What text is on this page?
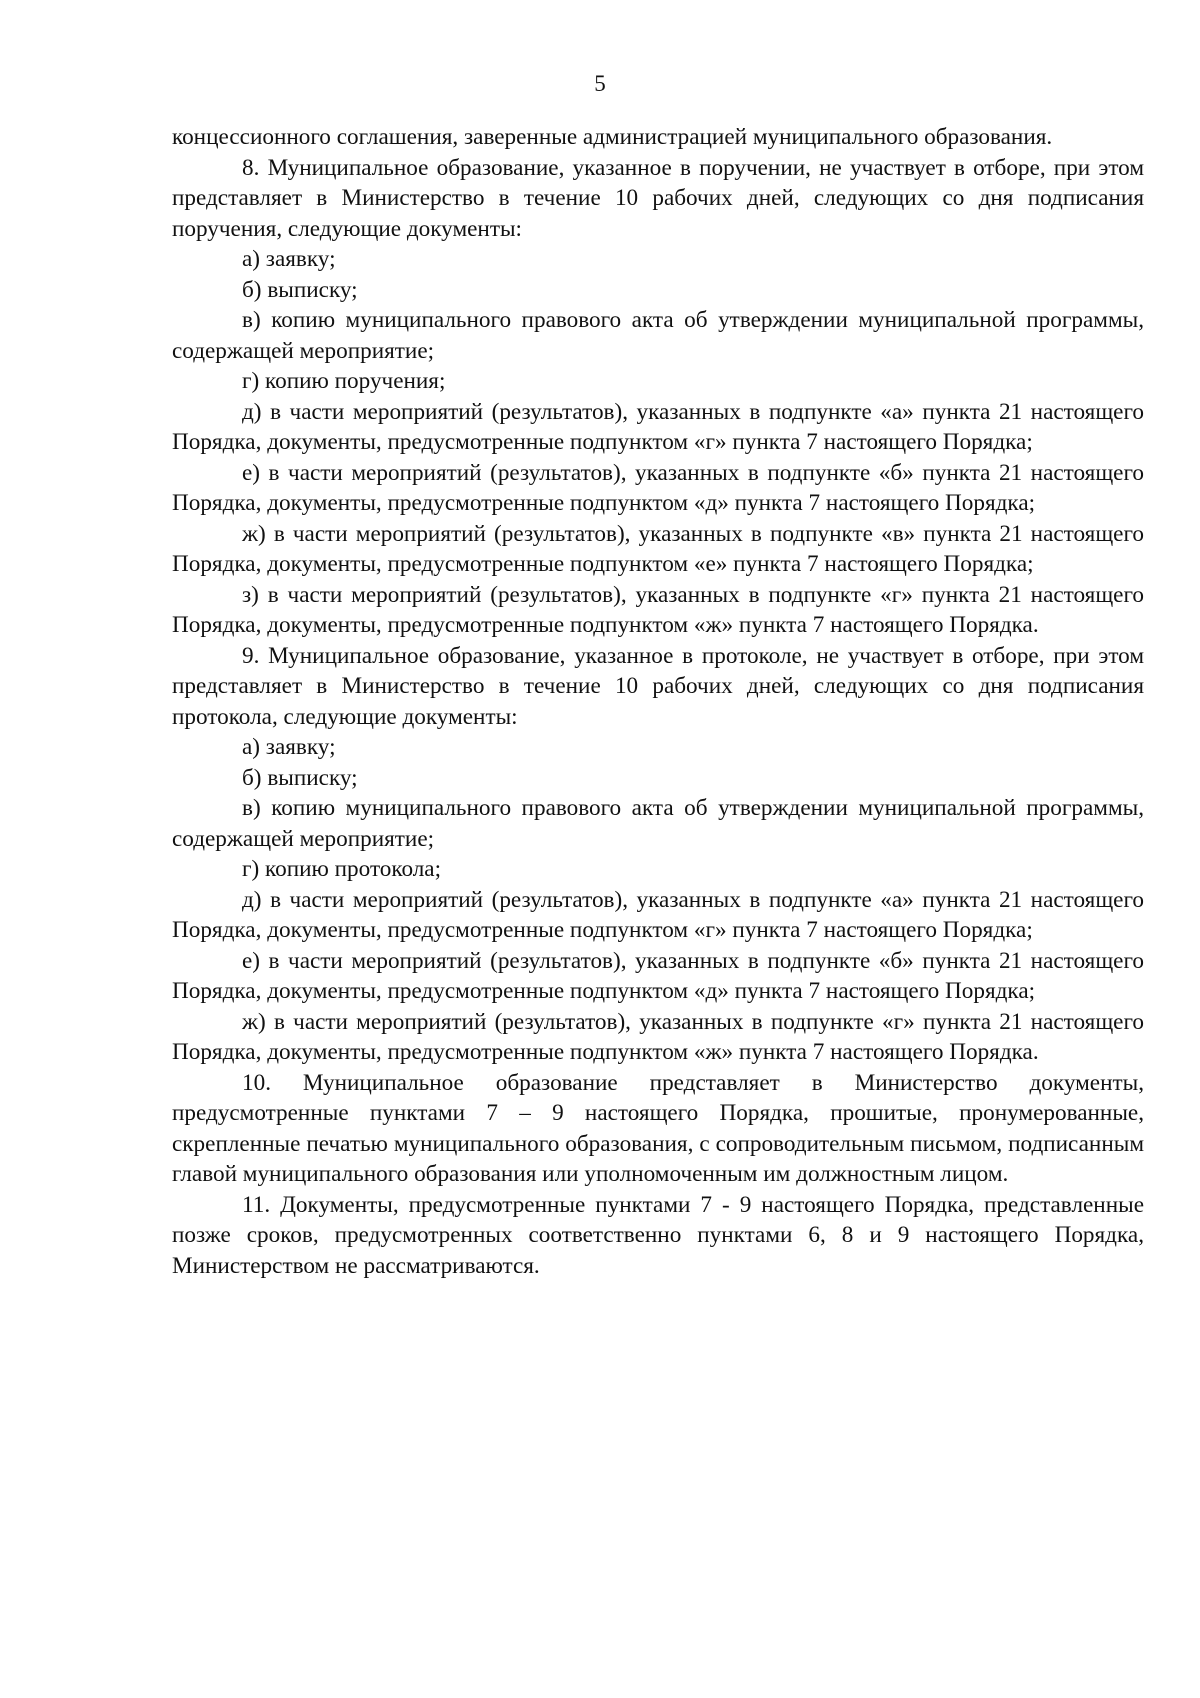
5

концессионного соглашения, заверенные администрацией муниципального образования.

8. Муниципальное образование, указанное в поручении, не участвует в отборе, при этом представляет в Министерство в течение 10 рабочих дней, следующих со дня подписания поручения, следующие документы:

а) заявку;

б) выписку;

в) копию муниципального правового акта об утверждении муниципальной программы, содержащей мероприятие;

г) копию поручения;

д) в части мероприятий (результатов), указанных в подпункте «а» пункта 21 настоящего Порядка, документы, предусмотренные подпунктом «г» пункта 7 настоящего Порядка;

е) в части мероприятий (результатов), указанных в подпункте «б» пункта 21 настоящего Порядка, документы, предусмотренные подпунктом «д» пункта 7 настоящего Порядка;

ж) в части мероприятий (результатов), указанных в подпункте «в» пункта 21 настоящего Порядка, документы, предусмотренные подпунктом «е» пункта 7 настоящего Порядка;

з) в части мероприятий (результатов), указанных в подпункте «г» пункта 21 настоящего Порядка, документы, предусмотренные подпунктом «ж» пункта 7 настоящего Порядка.

9. Муниципальное образование, указанное в протоколе, не участвует в отборе, при этом представляет в Министерство в течение 10 рабочих дней, следующих со дня подписания протокола, следующие документы:

а) заявку;

б) выписку;

в) копию муниципального правового акта об утверждении муниципальной программы, содержащей мероприятие;

г) копию протокола;

д) в части мероприятий (результатов), указанных в подпункте «а» пункта 21 настоящего Порядка, документы, предусмотренные подпунктом «г» пункта 7 настоящего Порядка;

е) в части мероприятий (результатов), указанных в подпункте «б» пункта 21 настоящего Порядка, документы, предусмотренные подпунктом «д» пункта 7 настоящего Порядка;

ж) в части мероприятий (результатов), указанных в подпункте «г» пункта 21 настоящего Порядка, документы, предусмотренные подпунктом «ж» пункта 7 настоящего Порядка.

10. Муниципальное образование представляет в Министерство документы, предусмотренные пунктами 7 – 9 настоящего Порядка, прошитые, пронумерованные, скрепленные печатью муниципального образования, с сопроводительным письмом, подписанным главой муниципального образования или уполномоченным им должностным лицом.

11. Документы, предусмотренные пунктами 7 - 9 настоящего Порядка, представленные позже сроков, предусмотренных соответственно пунктами 6, 8 и 9 настоящего Порядка, Министерством не рассматриваются.
